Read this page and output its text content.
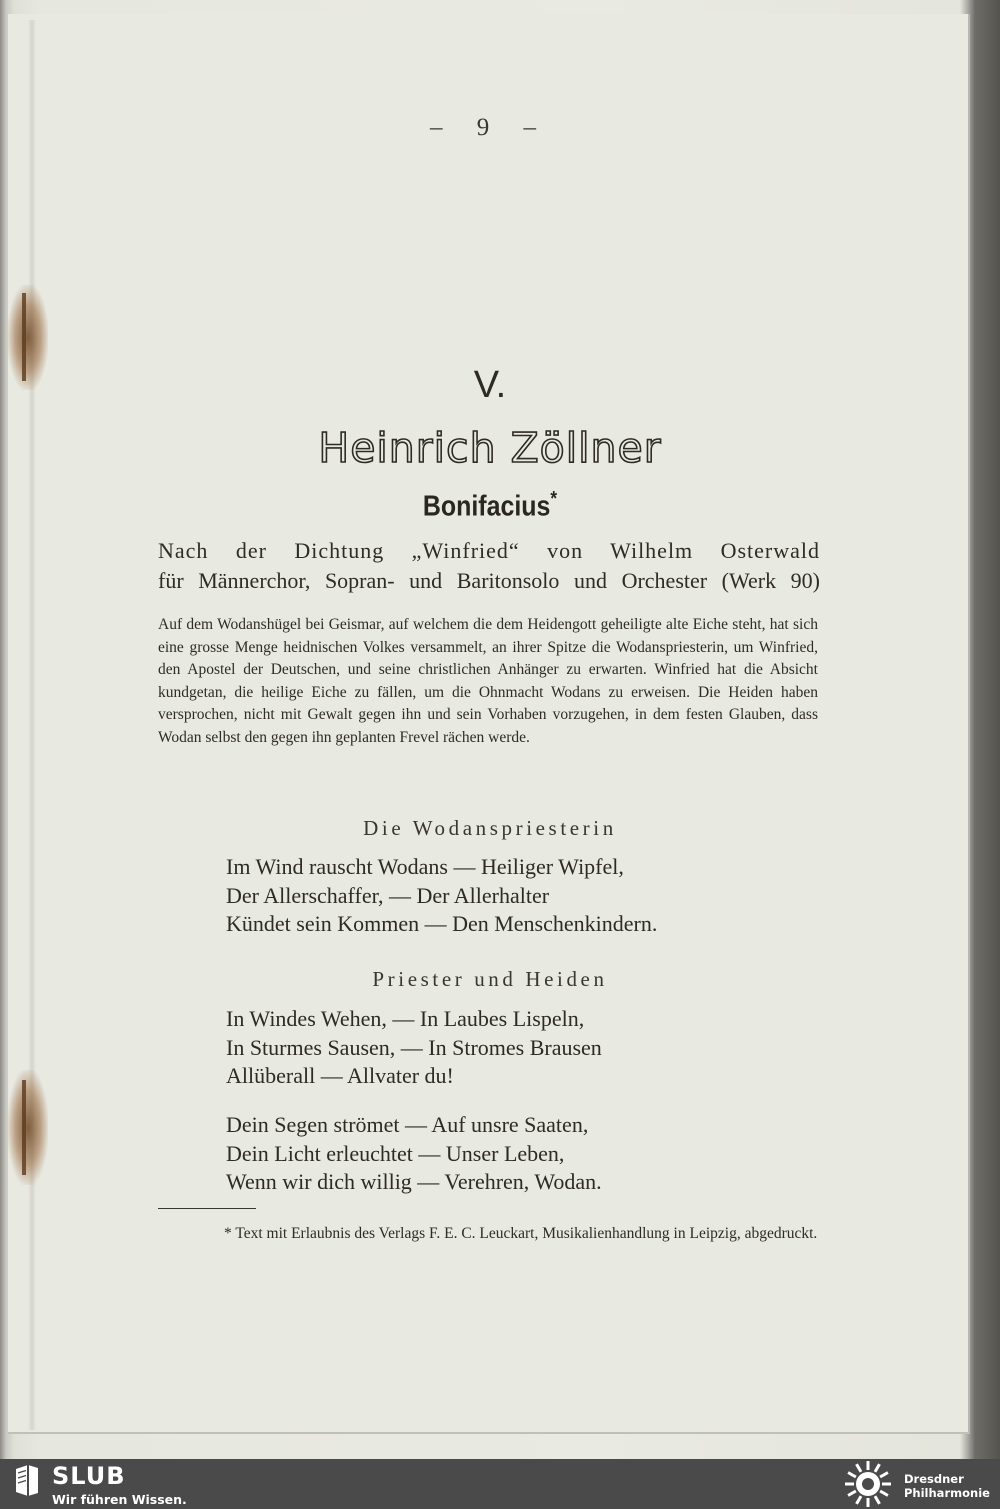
– 9 –
V.
Heinrich Zöllner
Bonifacius*
Nach der Dichtung „Winfried“ von Wilhelm Osterwald
für Männerchor, Sopran- und Baritonsolo und Orchester (Werk 90)
Auf dem Wodanshügel bei Geismar, auf welchem die dem Heidengott geheiligte alte Eiche steht, hat sich eine grosse Menge heidnischen Volkes versammelt, an ihrer Spitze die Wodanspriesterin, um Winfried, den Apostel der Deutschen, und seine christlichen Anhänger zu erwarten. Winfried hat die Absicht kundgetan, die heilige Eiche zu fällen, um die Ohnmacht Wodans zu erweisen. Die Heiden haben versprochen, nicht mit Gewalt gegen ihn und sein Vorhaben vorzugehen, in dem festen Glauben, dass Wodan selbst den gegen ihn geplanten Frevel rächen werde.
Die Wodanspriesterin
Im Wind rauscht Wodans — Heiliger Wipfel,
Der Allerschaffer, — Der Allerhalter
Kündet sein Kommen — Den Menschenkindern.
Priester und Heiden
In Windes Wehen, — In Laubes Lispeln,
In Sturmes Sausen, — In Stromes Brausen
Allüberall — Allvater du!
Dein Segen strömet — Auf unsre Saaten,
Dein Licht erleuchtet — Unser Leben,
Wenn wir dich willig — Verehren, Wodan.
* Text mit Erlaubnis des Verlags F. E. C. Leuckart, Musikalienhandlung in Leipzig, abgedruckt.
SLUB
Wir führen Wissen.
Dresdner
Philharmonie
